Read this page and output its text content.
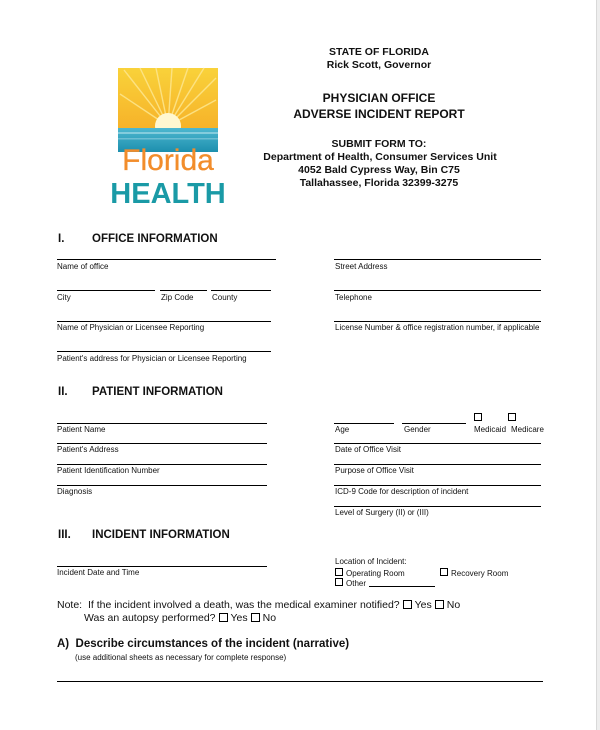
Florida
HEALTH
STATE OF FLORIDA
Rick Scott, Governor
PHYSICIAN OFFICE
ADVERSE INCIDENT REPORT
SUBMIT FORM TO:
Department of Health, Consumer Services Unit
4052 Bald Cypress Way, Bin C75
Tallahassee, Florida 32399-3275
I. OFFICE INFORMATION
Name of office	Street Address
City	Zip Code County	Telephone
Name of Physician or Licensee Reporting	License Number & office registration number, if applicable
Patient's address for Physician or Licensee Reporting
II. PATIENT INFORMATION
Patient Name	Age	Gender	Medicaid Medicare
Patient's Address	Date of Office Visit
Patient Identification Number	Purpose of Office Visit
Diagnosis	ICD-9 Code for description of incident
Level of Surgery (II) or (III)
III. INCIDENT INFORMATION
Location of Incident:
Incident Date and Time	Operating Room	Recovery Room
Other
Note: If the incident involved a death, was the medical examiner notified? Yes No
Was an autopsy performed? Yes No
A) Describe circumstances of the incident (narrative)
(use additional sheets as necessary for complete response)
